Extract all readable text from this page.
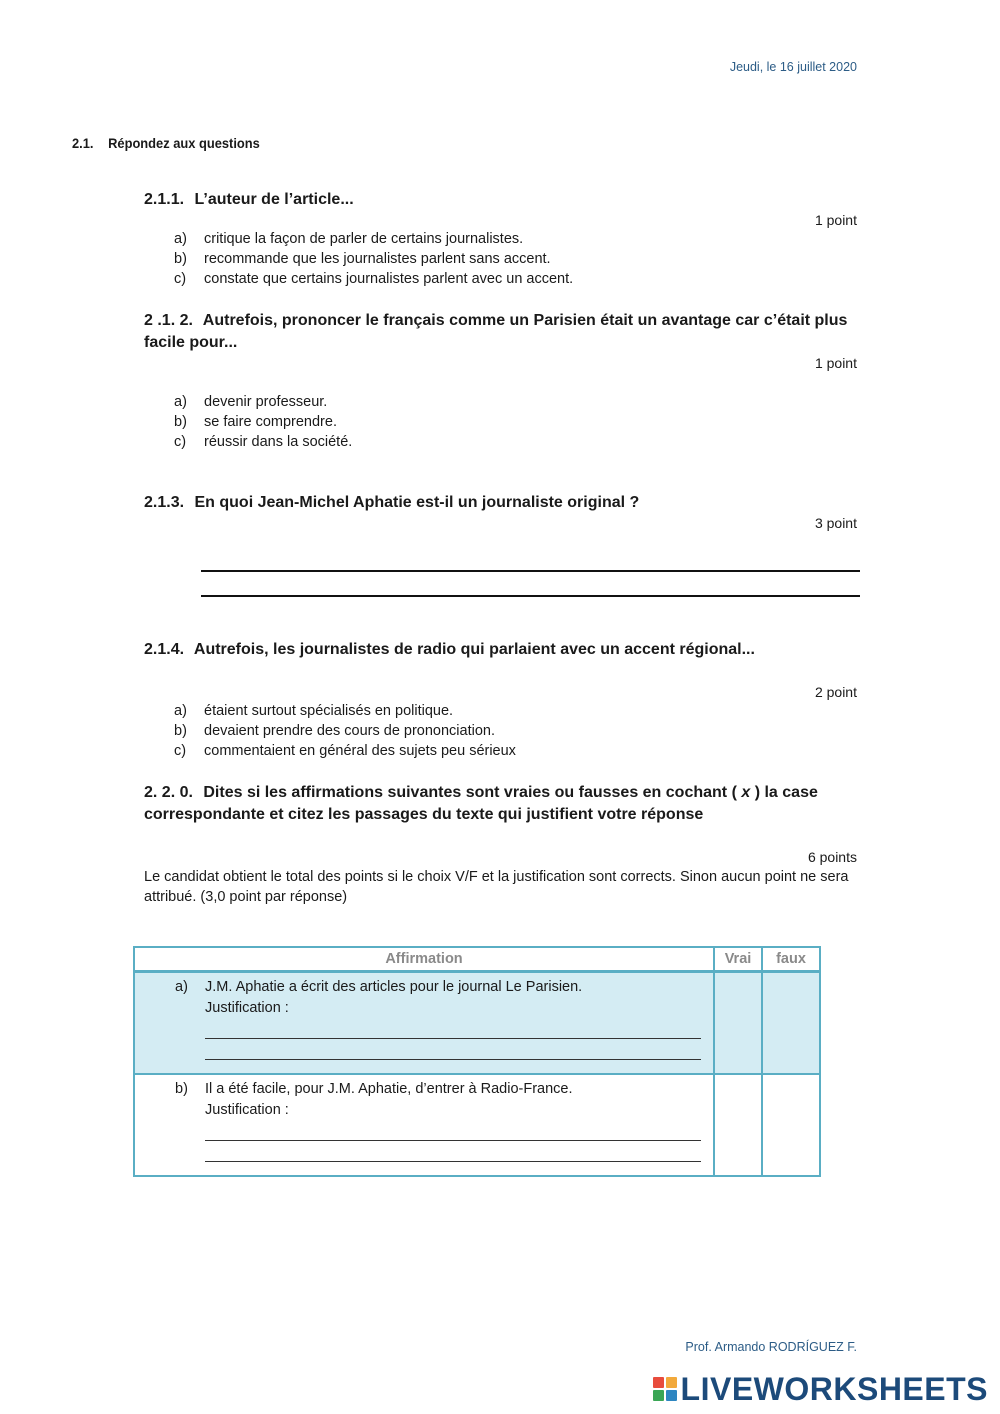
Jeudi, le 16 juillet 2020
2.1. Répondez aux questions
2.1.1. L’auteur de l’article...
1 point
a)	critique la façon de parler de certains journalistes.
b)	recommande que les journalistes parlent sans accent.
c)	constate que certains journalistes parlent avec un accent.
2 .1. 2. Autrefois, prononcer le français comme un Parisien était un avantage car c’était plus facile pour...
1 point
a)	devenir professeur.
b)	se faire comprendre.
c)	réussir dans la société.
2.1.3. En quoi Jean-Michel Aphatie est-il un journaliste original ?
3 point
2.1.4. Autrefois, les journalistes de radio qui parlaient avec un accent régional...
2 point
a)	étaient surtout spécialisés en politique.
b)	devaient prendre des cours de prononciation.
c)	commentaient en général des sujets peu sérieux
2. 2. 0. Dites si les affirmations suivantes sont vraies ou fausses en cochant ( x ) la case correspondante et citez les passages du texte qui justifient votre réponse
6 points
Le candidat obtient le total des points si le choix V/F et la justification sont corrects. Sinon aucun point ne sera attribué. (3,0 point par réponse)
Affirmation	Vrai	faux

a) J.M. Aphatie a écrit des articles pour le journal Le Parisien.
Justification :		

b) Il a été facile, pour J.M. Aphatie, d’entrer à Radio-France.
Justification :		

Prof. Armando RODRÍGUEZ F.
LIVEWORKSHEETS
